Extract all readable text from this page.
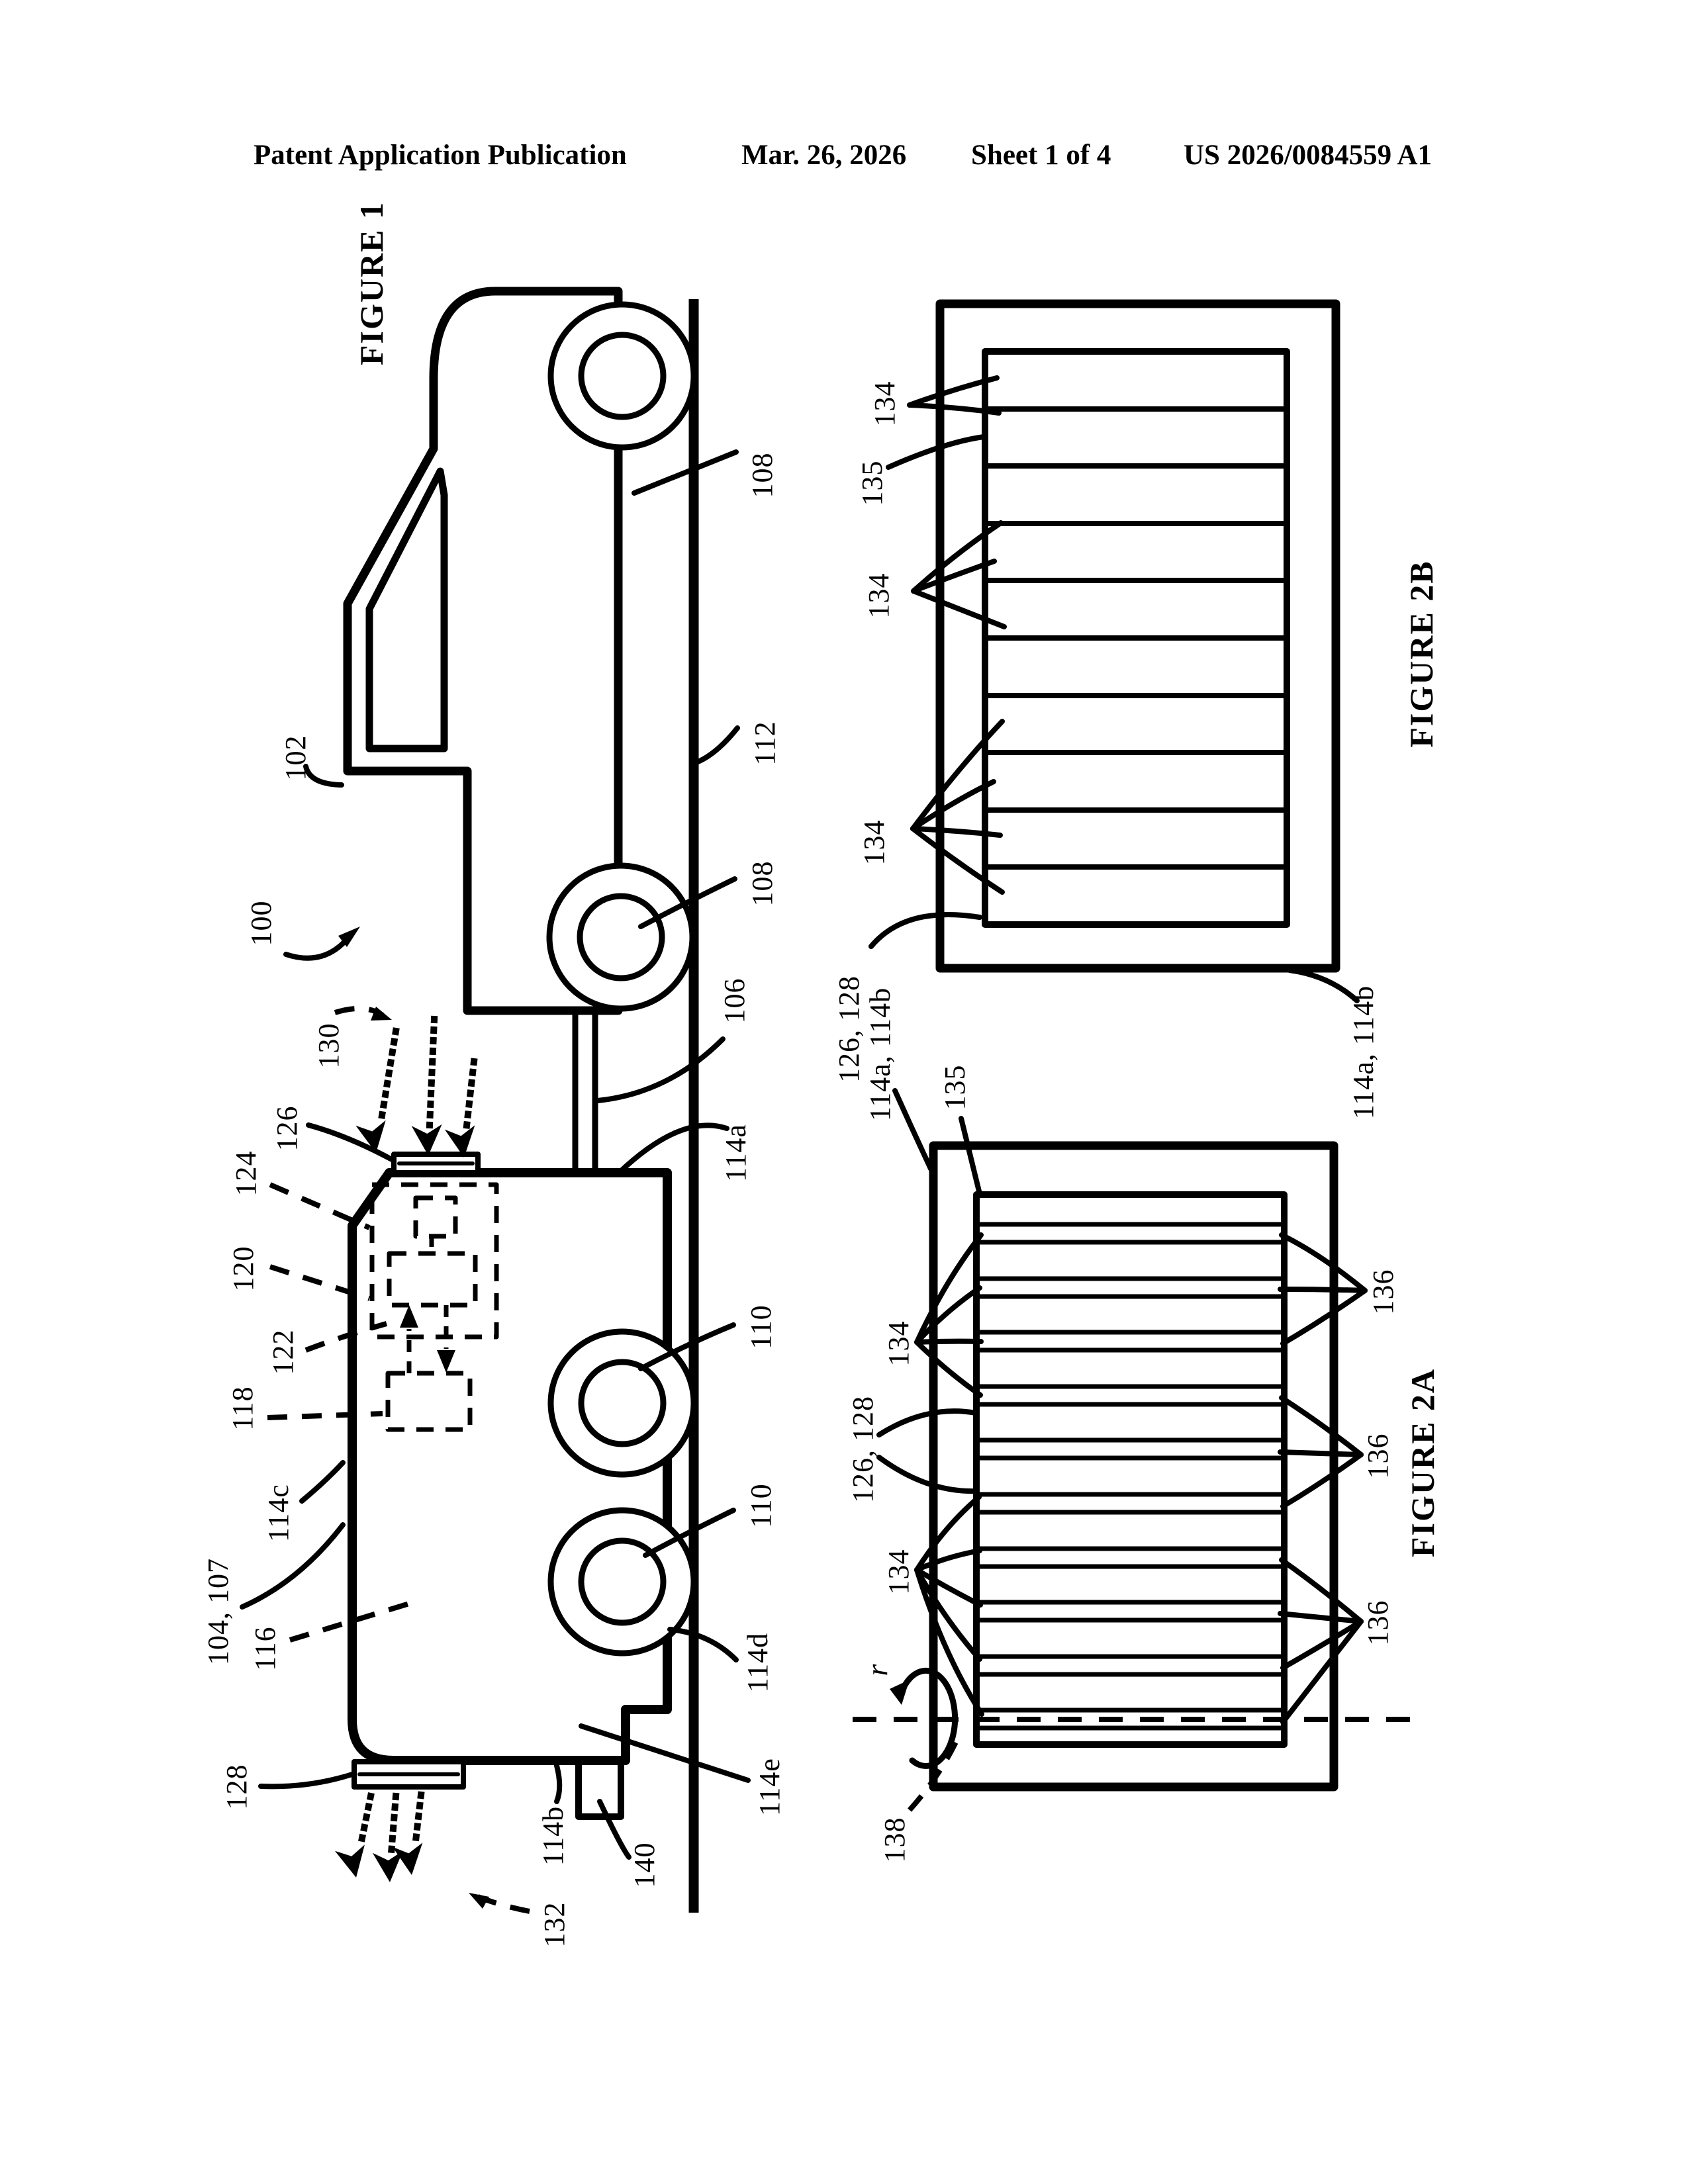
Patent Application Publication	Mar. 26, 2026 Sheet 1 of 4	US 2026/0084559 A1
FIGURE 1
102
100
108
112
108
106
114a
110
110
114d
114e
140
114b
132
128
130
126
124
120
122
118
114c
104, 107 116
FIGURE 2B
134
135
134
134
126, 128	114a, 114b
FIGURE 2A
114a, 114b 135
134
126, 128
134
136
136
136
r
138
